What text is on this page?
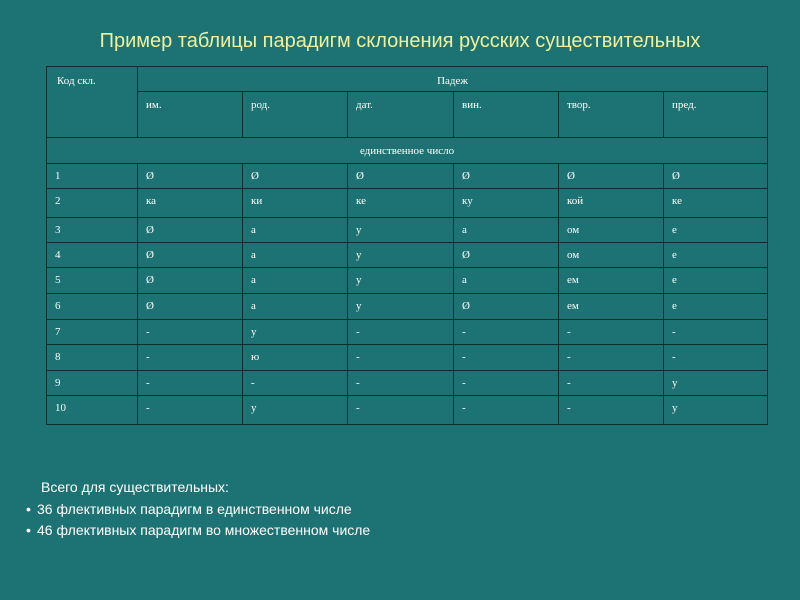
Пример таблицы парадигм склонения русских существительных
Код скл.	Падеж					
	им.	род.	дат.	вин.	твор.	пред.
единственное число						
1	Ø	Ø	Ø	Ø	Ø	Ø
2	ка	ки	ке	ку	кой	ке
3	Ø	а	у	а	ом	е
4	Ø	а	у	Ø	ом	е
5	Ø	а	у	а	ем	е
6	Ø	а	у	Ø	ем	е
7	-	у	-	-	-	-
8	-	ю	-	-	-	-
9	-	-	-	-	-	у
10	-	у	-	-	-	у
Всего для существительных:
• 36 флективных парадигм в единственном числе
• 46 флективных парадигм во множественном числе
